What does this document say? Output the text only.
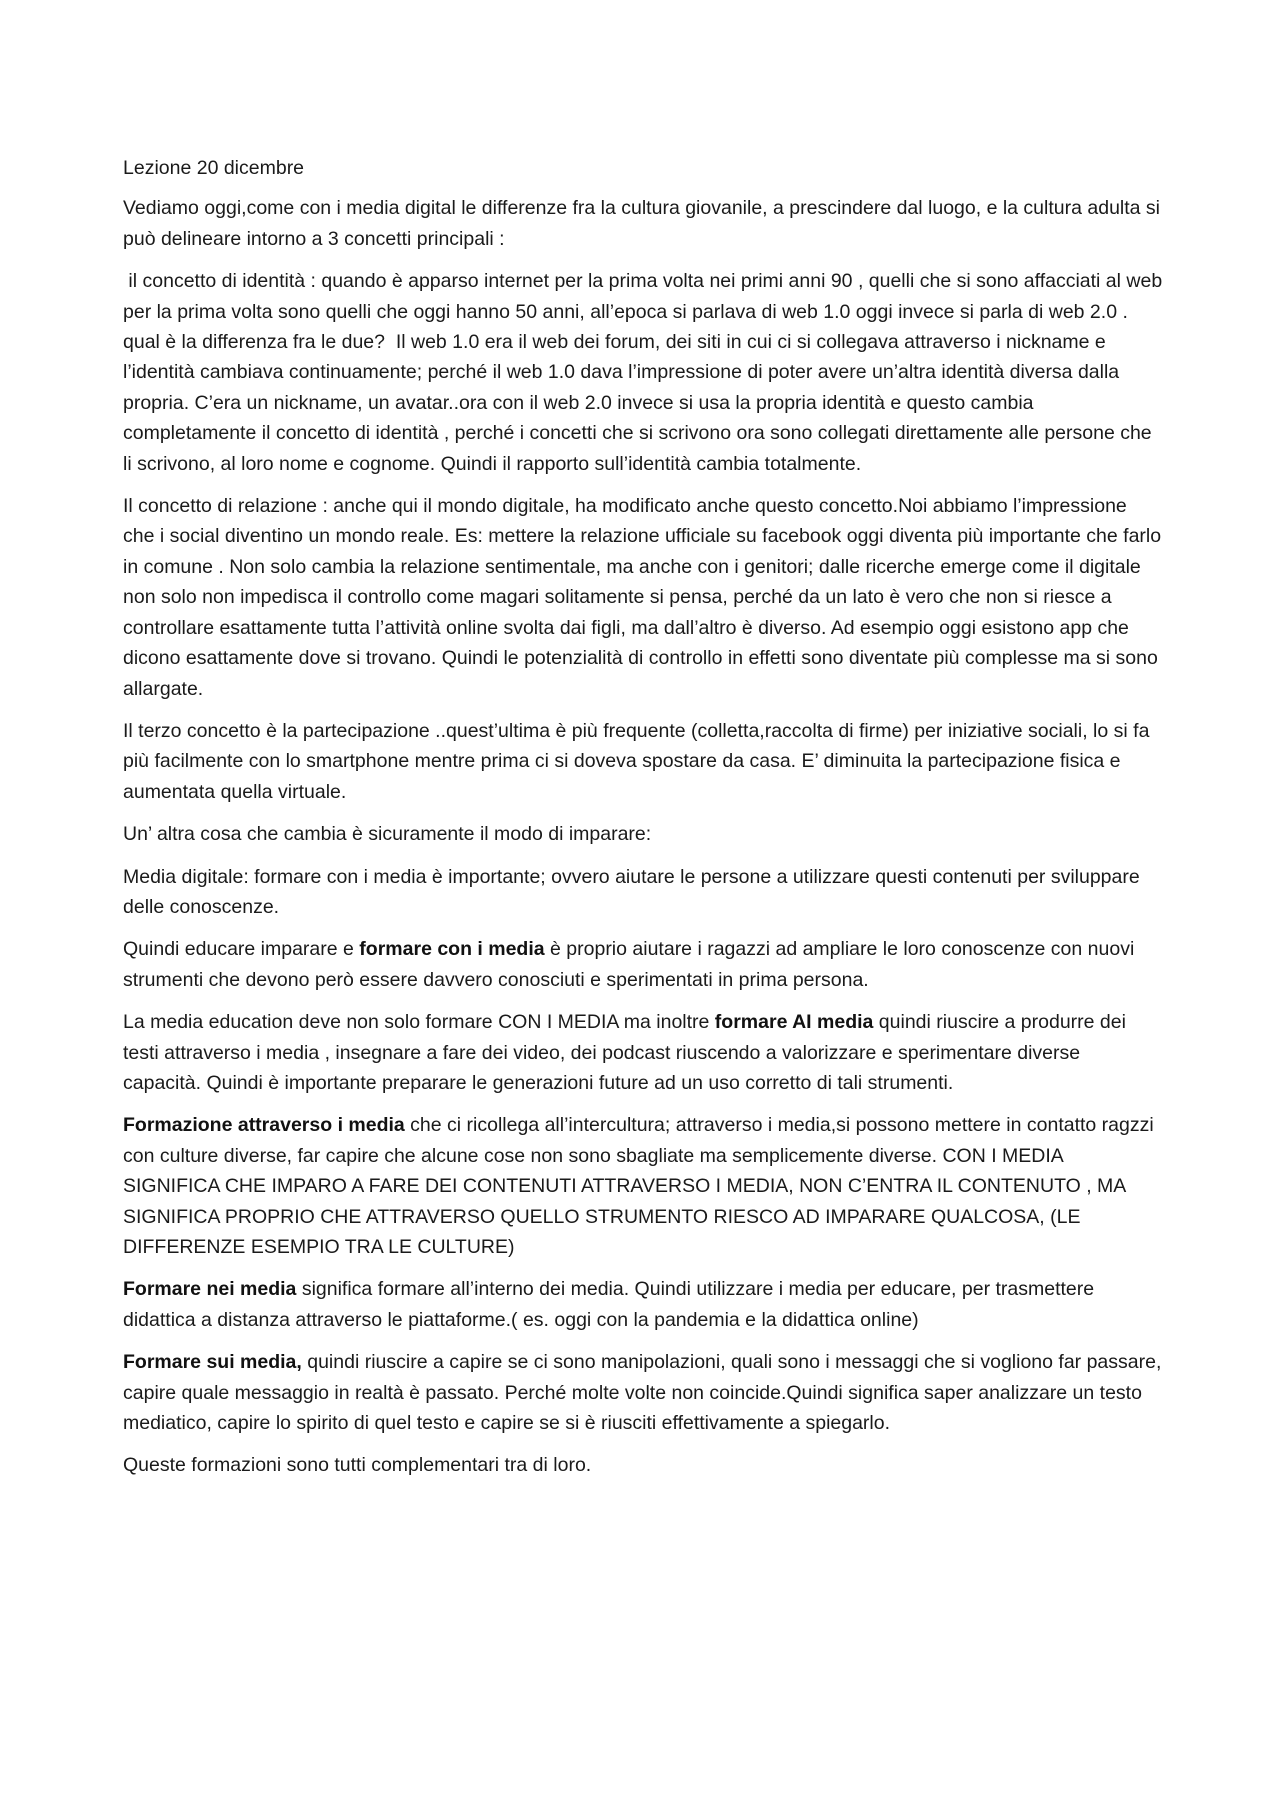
Lezione 20 dicembre

Vediamo oggi,come con i media digital le differenze fra la cultura giovanile, a prescindere dal luogo, e la cultura adulta si può delineare intorno a 3 concetti principali :

il concetto di identità : quando è apparso internet per la prima volta nei primi anni 90 , quelli che si sono affacciati al web per la prima volta sono quelli che oggi hanno 50 anni, all’epoca si parlava di web 1.0 oggi invece si parla di web 2.0 . qual è la differenza fra le due?  Il web 1.0 era il web dei forum, dei siti in cui ci si collegava attraverso i nickname e l’identità cambiava continuamente; perché il web 1.0 dava l’impressione di poter avere un’altra identità diversa dalla propria. C’era un nickname, un avatar..ora con il web 2.0 invece si usa la propria identità e questo cambia completamente il concetto di identità , perché i concetti che si scrivono ora sono collegati direttamente alle persone che li scrivono, al loro nome e cognome. Quindi il rapporto sull’identità cambia totalmente.

Il concetto di relazione : anche qui il mondo digitale, ha modificato anche questo concetto.Noi abbiamo l’impressione che i social diventino un mondo reale. Es: mettere la relazione ufficiale su facebook oggi diventa più importante che farlo in comune . Non solo cambia la relazione sentimentale, ma anche con i genitori; dalle ricerche emerge come il digitale non solo non impedisca il controllo come magari solitamente si pensa, perché da un lato è vero che non si riesce a controllare esattamente tutta l’attività online svolta dai figli, ma dall’altro è diverso. Ad esempio oggi esistono app che dicono esattamente dove si trovano. Quindi le potenzialità di controllo in effetti sono diventate più complesse ma si sono allargate.

Il terzo concetto è la partecipazione ..quest’ultima è più frequente (colletta,raccolta di firme) per iniziative sociali, lo si fa più facilmente con lo smartphone mentre prima ci si doveva spostare da casa. E’ diminuita la partecipazione fisica e aumentata quella virtuale.

Un’ altra cosa che cambia è sicuramente il modo di imparare:

Media digitale: formare con i media è importante; ovvero aiutare le persone a utilizzare questi contenuti per sviluppare delle conoscenze.

Quindi educare imparare e formare con i media è proprio aiutare i ragazzi ad ampliare le loro conoscenze con nuovi strumenti che devono però essere davvero conosciuti e sperimentati in prima persona.

La media education deve non solo formare CON I MEDIA ma inoltre formare AI media quindi riuscire a produrre dei testi attraverso i media , insegnare a fare dei video, dei podcast riuscendo a valorizzare e sperimentare diverse capacità. Quindi è importante preparare le generazioni future ad un uso corretto di tali strumenti.

Formazione attraverso i media che ci ricollega all’intercultura; attraverso i media,si possono mettere in contatto ragzzi con culture diverse, far capire che alcune cose non sono sbagliate ma semplicemente diverse. CON I MEDIA SIGNIFICA CHE IMPARO A FARE DEI CONTENUTI ATTRAVERSO I MEDIA, NON C’ENTRA IL CONTENUTO , MA SIGNIFICA PROPRIO CHE ATTRAVERSO QUELLO STRUMENTO RIESCO AD IMPARARE QUALCOSA, (LE DIFFERENZE ESEMPIO TRA LE CULTURE)

Formare nei media significa formare all’interno dei media. Quindi utilizzare i media per educare, per trasmettere didattica a distanza attraverso le piattaforme.( es. oggi con la pandemia e la didattica online)

Formare sui media, quindi riuscire a capire se ci sono manipolazioni, quali sono i messaggi che si vogliono far passare, capire quale messaggio in realtà è passato. Perché molte volte non coincide.Quindi significa saper analizzare un testo mediatico, capire lo spirito di quel testo e capire se si è riusciti effettivamente a spiegarlo.

Queste formazioni sono tutti complementari tra di loro.
